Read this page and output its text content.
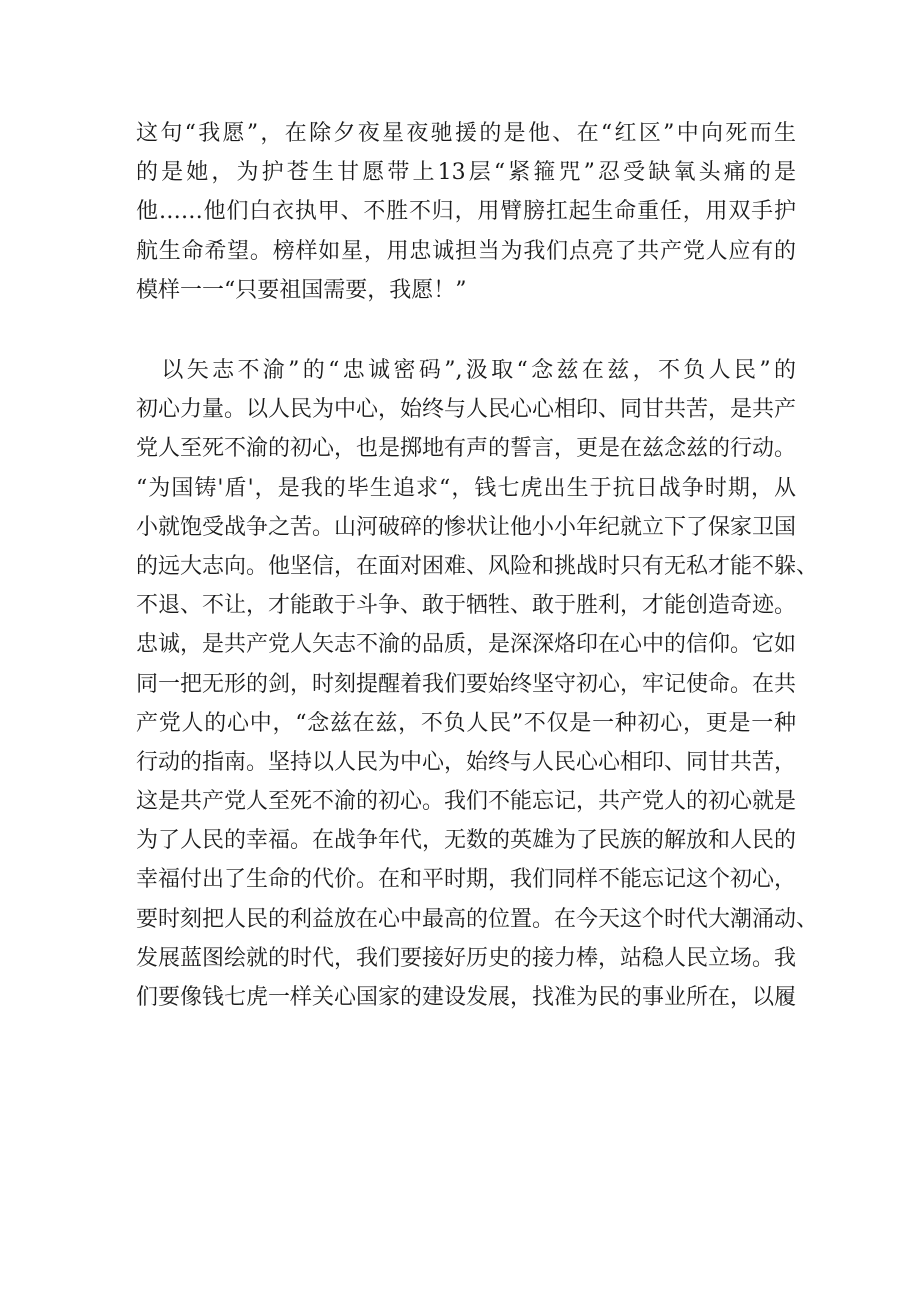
这句“我愿”，在除夕夜星夜驰援的是他、在“红区”中向死而生
的是她，为护苍生甘愿带上13层“紧箍咒”忍受缺氧头痛的是
他……他们白衣执甲、不胜不归，用臂膀扛起生命重任，用双手护
航生命希望。榜样如星，用忠诚担当为我们点亮了共产党人应有的
模样一一“只要祖国需要，我愿！”
　以矢志不渝”的“忠诚密码”,汲取“念兹在兹，不负人民”的
初心力量。以人民为中心，始终与人民心心相印、同甘共苦，是共产
党人至死不渝的初心，也是掷地有声的誓言，更是在兹念兹的行动。
“为国铸'盾'，是我的毕生追求“，钱七虎出生于抗日战争时期，从
小就饱受战争之苦。山河破碎的惨状让他小小年纪就立下了保家卫国
的远大志向。他坚信，在面对困难、风险和挑战时只有无私才能不躲、
不退、不让，才能敢于斗争、敢于牺牲、敢于胜利，才能创造奇迹。
忠诚，是共产党人矢志不渝的品质，是深深烙印在心中的信仰。它如
同一把无形的剑，时刻提醒着我们要始终坚守初心，牢记使命。在共
产党人的心中，“念兹在兹，不负人民”不仅是一种初心，更是一种
行动的指南。坚持以人民为中心，始终与人民心心相印、同甘共苦，
这是共产党人至死不渝的初心。我们不能忘记，共产党人的初心就是
为了人民的幸福。在战争年代，无数的英雄为了民族的解放和人民的
幸福付出了生命的代价。在和平时期，我们同样不能忘记这个初心，
要时刻把人民的利益放在心中最高的位置。在今天这个时代大潮涌动、
发展蓝图绘就的时代，我们要接好历史的接力棒，站稳人民立场。我
们要像钱七虎一样关心国家的建设发展，找准为民的事业所在，以履
